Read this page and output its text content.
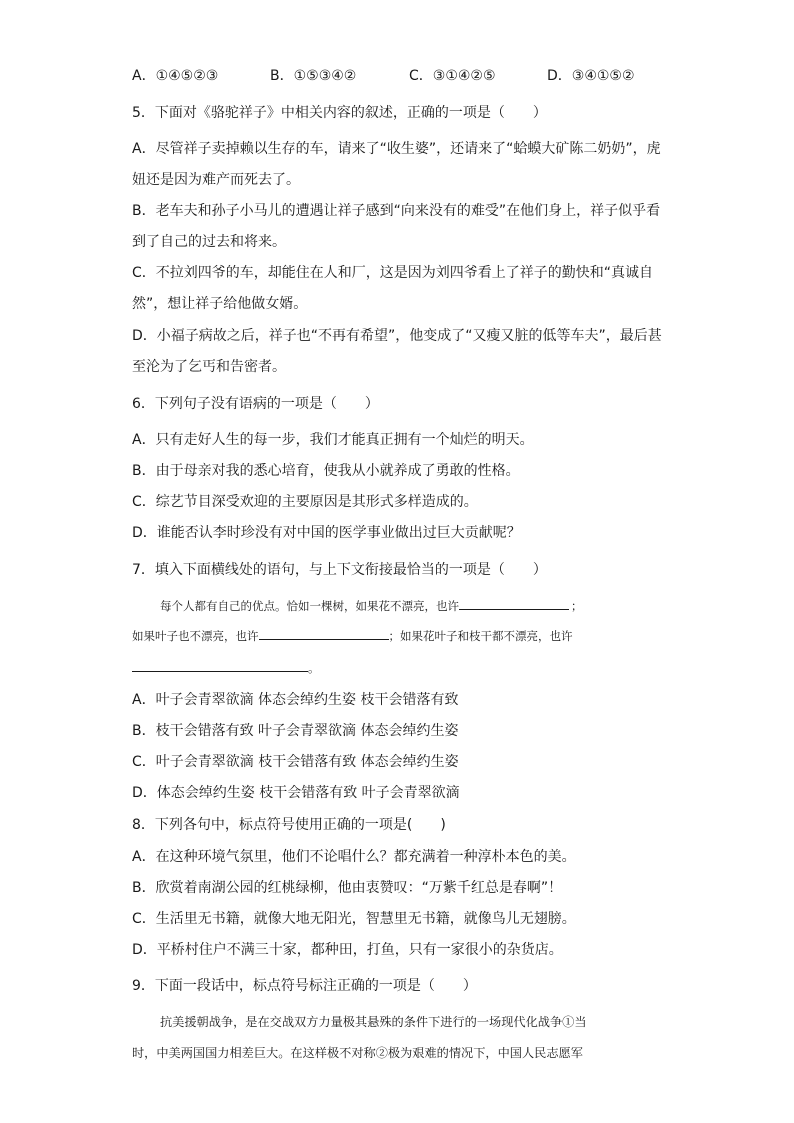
A．①④⑤②③	B．①⑤③④②	C．③①④②⑤	D．③④①⑤②

5．下面对《骆驼祥子》中相关内容的叙述，正确的一项是（　　）

A．尽管祥子卖掉赖以生存的车，请来了“收生婆”，还请来了“蛤蟆大矿陈二奶奶”，虎

妞还是因为难产而死去了。

B．老车夫和孙子小马儿的遭遇让祥子感到“向来没有的难受”在他们身上，祥子似乎看

到了自己的过去和将来。

C．不拉刘四爷的车，却能住在人和厂，这是因为刘四爷看上了祥子的勤快和“真诚自

然”，想让祥子给他做女婿。

D．小福子病故之后，祥子也“不再有希望”，他变成了“又瘦又脏的低等车夫”，最后甚

至沦为了乞丐和告密者。

6．下列句子没有语病的一项是（　　）

A．只有走好人生的每一步，我们才能真正拥有一个灿烂的明天。

B．由于母亲对我的悉心培育，使我从小就养成了勇敢的性格。

C．综艺节目深受欢迎的主要原因是其形式多样造成的。

D．谁能否认李时珍没有对中国的医学事业做出过巨大贡献呢？

7．填入下面横线处的语句，与上下文衔接最恰当的一项是（　　）

每个人都有自己的优点。恰如一棵树，如果花不漂亮，也许	；
如果叶子也不漂亮，也许	；如果花叶子和枝干都不漂亮，也许
。

A．叶子会青翠欲滴 体态会绰约生姿 枝干会错落有致

B．枝干会错落有致 叶子会青翠欲滴 体态会绰约生姿

C．叶子会青翠欲滴 枝干会错落有致 体态会绰约生姿

D．体态会绰约生姿 枝干会错落有致 叶子会青翠欲滴

8．下列各句中，标点符号使用正确的一项是(　　)

A．在这种环境气氛里，他们不论唱什么？都充满着一种淳朴本色的美。

B．欣赏着南湖公园的红桃绿柳，他由衷赞叹：“万紫千红总是春啊”！

C．生活里无书籍，就像大地无阳光，智慧里无书籍，就像鸟儿无翅膀。

D．平桥村住户不满三十家，都种田，打鱼，只有一家很小的杂货店。

9．下面一段话中，标点符号标注正确的一项是（　　）

抗美援朝战争，是在交战双方力量极其悬殊的条件下进行的一场现代化战争①当
时，中美两国国力相差巨大。在这样极不对称②极为艰难的情况下，中国人民志愿军
